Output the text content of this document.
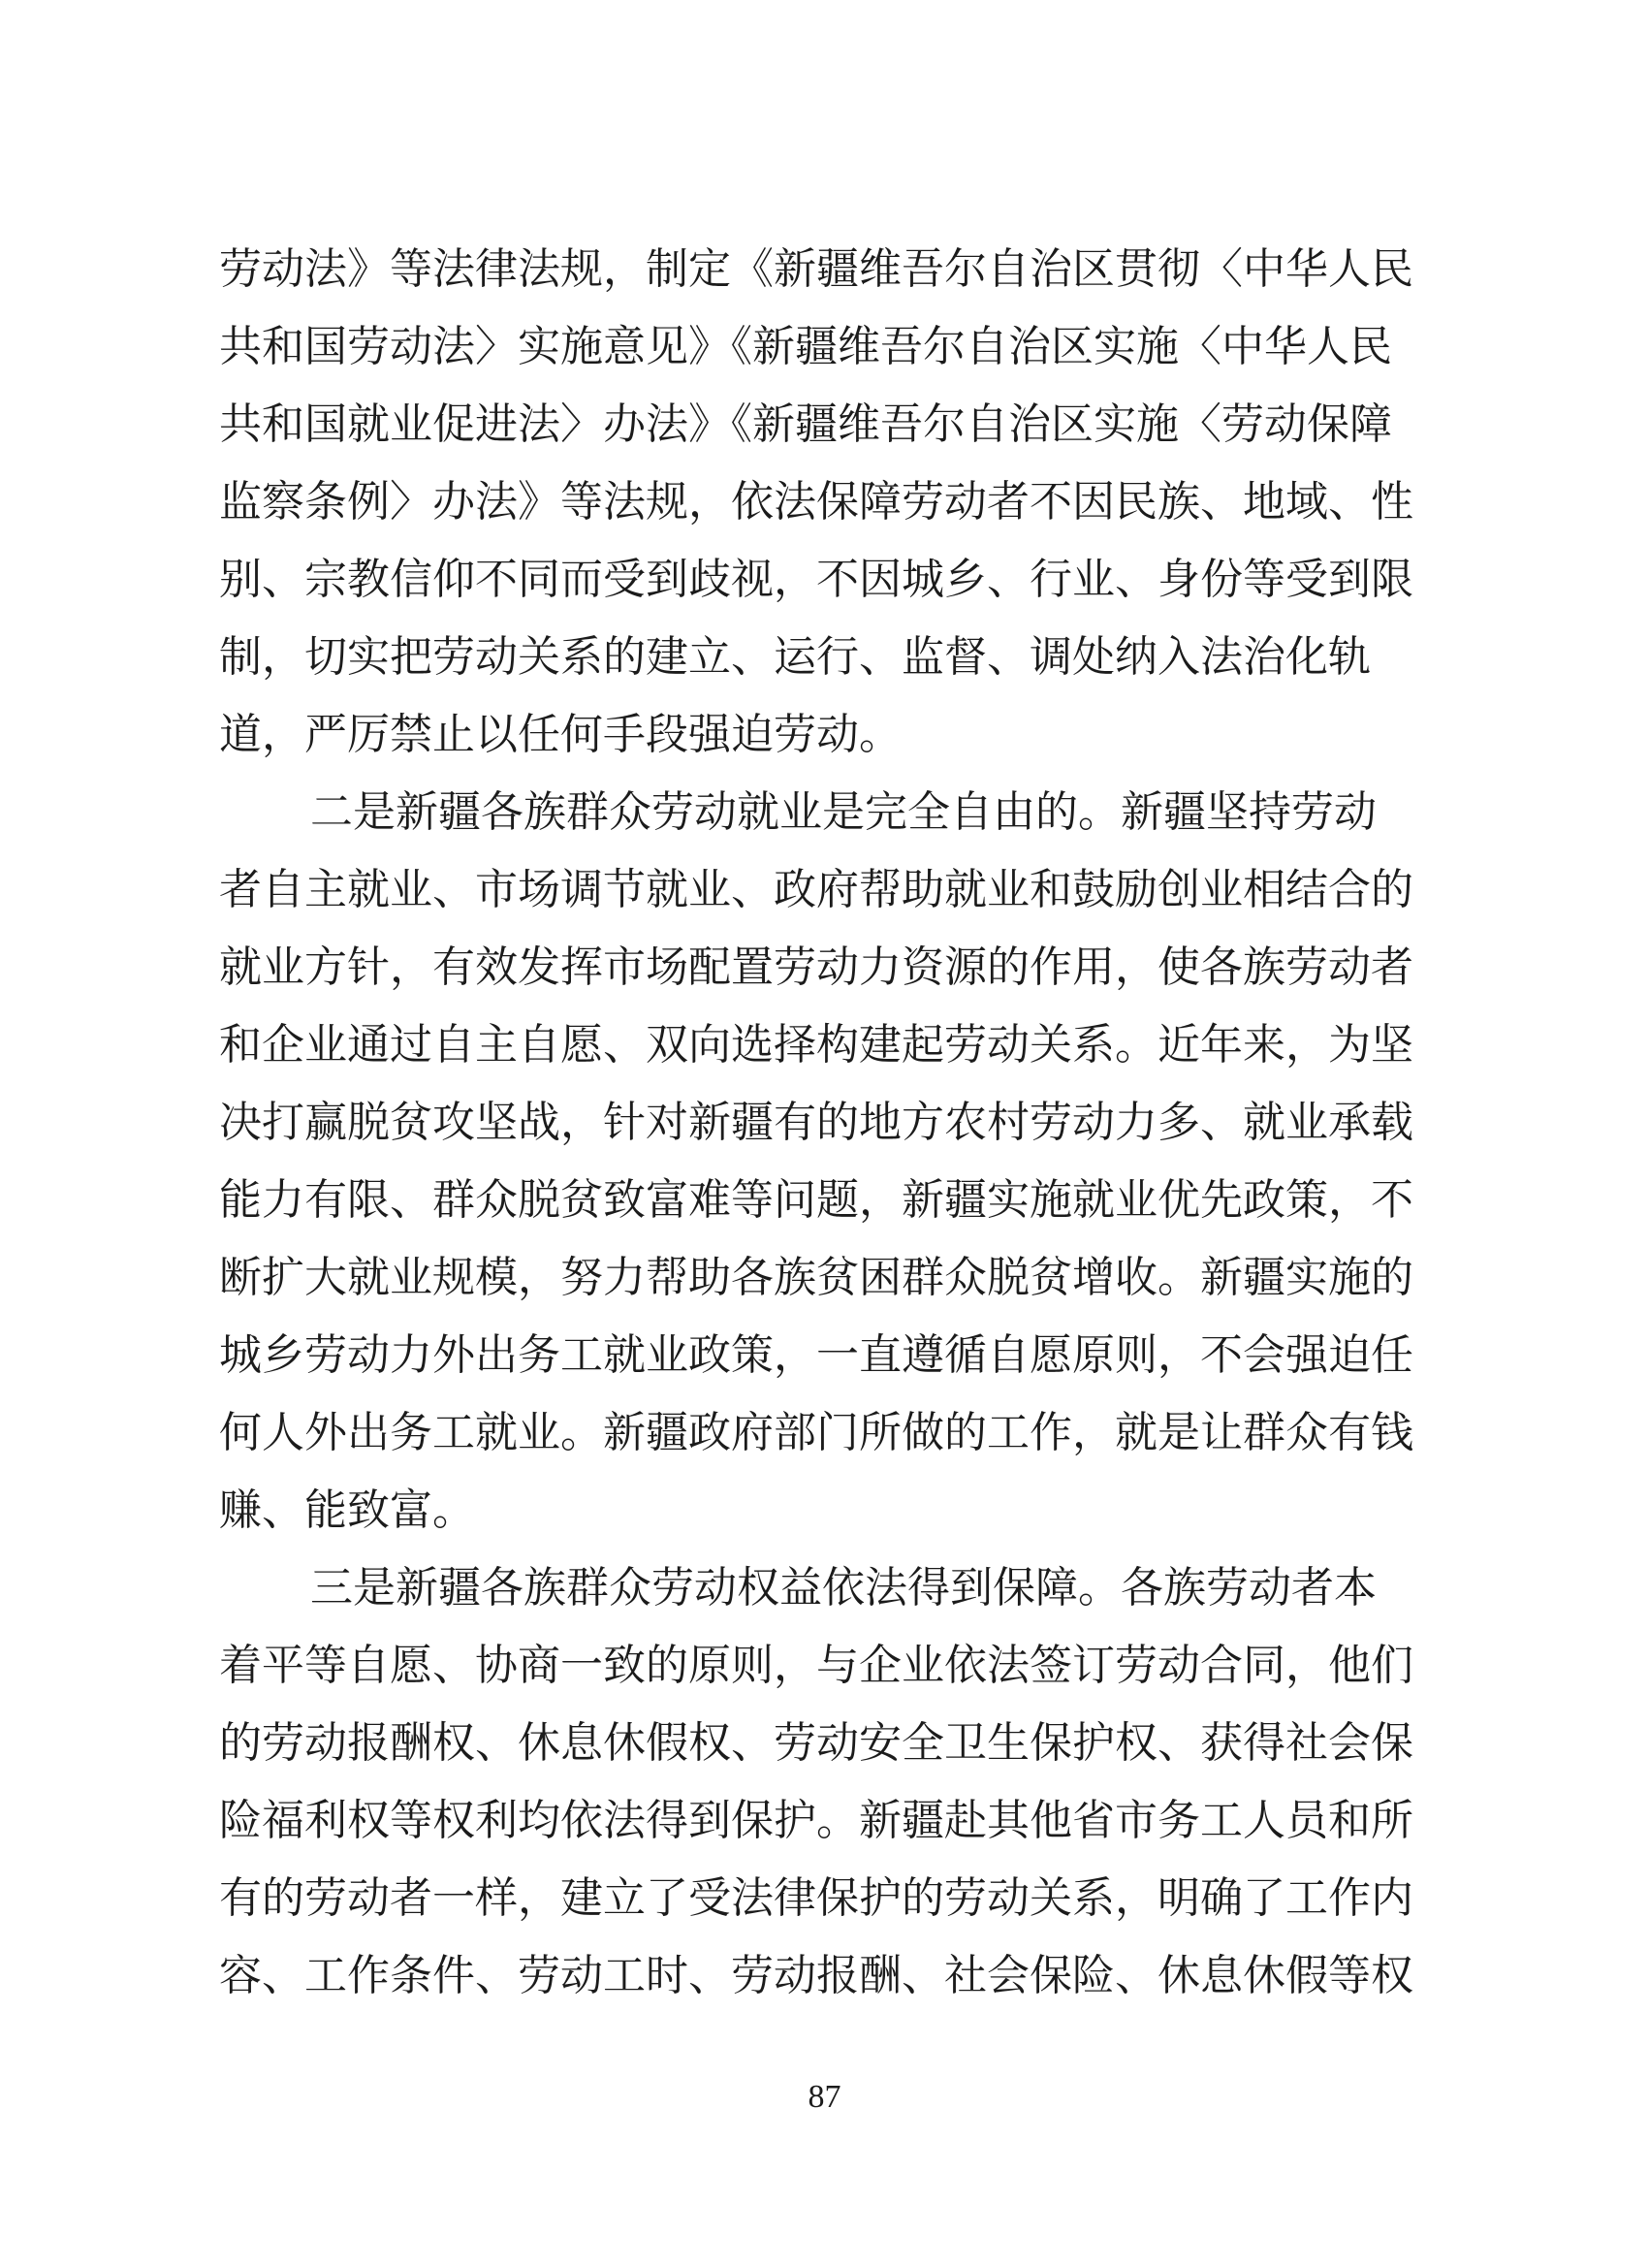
劳动法》等法律法规，制定《新疆维吾尔自治区贯彻〈中华人民
共和国劳动法〉实施意见》《新疆维吾尔自治区实施〈中华人民
共和国就业促进法〉办法》《新疆维吾尔自治区实施〈劳动保障
监察条例〉办法》等法规，依法保障劳动者不因民族、地域、性
别、宗教信仰不同而受到歧视，不因城乡、行业、身份等受到限
制，切实把劳动关系的建立、运行、监督、调处纳入法治化轨
道，严厉禁止以任何手段强迫劳动。
二是新疆各族群众劳动就业是完全自由的。新疆坚持劳动
者自主就业、市场调节就业、政府帮助就业和鼓励创业相结合的
就业方针，有效发挥市场配置劳动力资源的作用，使各族劳动者
和企业通过自主自愿、双向选择构建起劳动关系。近年来，为坚
决打赢脱贫攻坚战，针对新疆有的地方农村劳动力多、就业承载
能力有限、群众脱贫致富难等问题，新疆实施就业优先政策，不
断扩大就业规模，努力帮助各族贫困群众脱贫增收。新疆实施的
城乡劳动力外出务工就业政策，一直遵循自愿原则，不会强迫任
何人外出务工就业。新疆政府部门所做的工作，就是让群众有钱
赚、能致富。
三是新疆各族群众劳动权益依法得到保障。各族劳动者本
着平等自愿、协商一致的原则，与企业依法签订劳动合同，他们
的劳动报酬权、休息休假权、劳动安全卫生保护权、获得社会保
险福利权等权利均依法得到保护。新疆赴其他省市务工人员和所
有的劳动者一样，建立了受法律保护的劳动关系，明确了工作内
容、工作条件、劳动工时、劳动报酬、社会保险、休息休假等权
87
